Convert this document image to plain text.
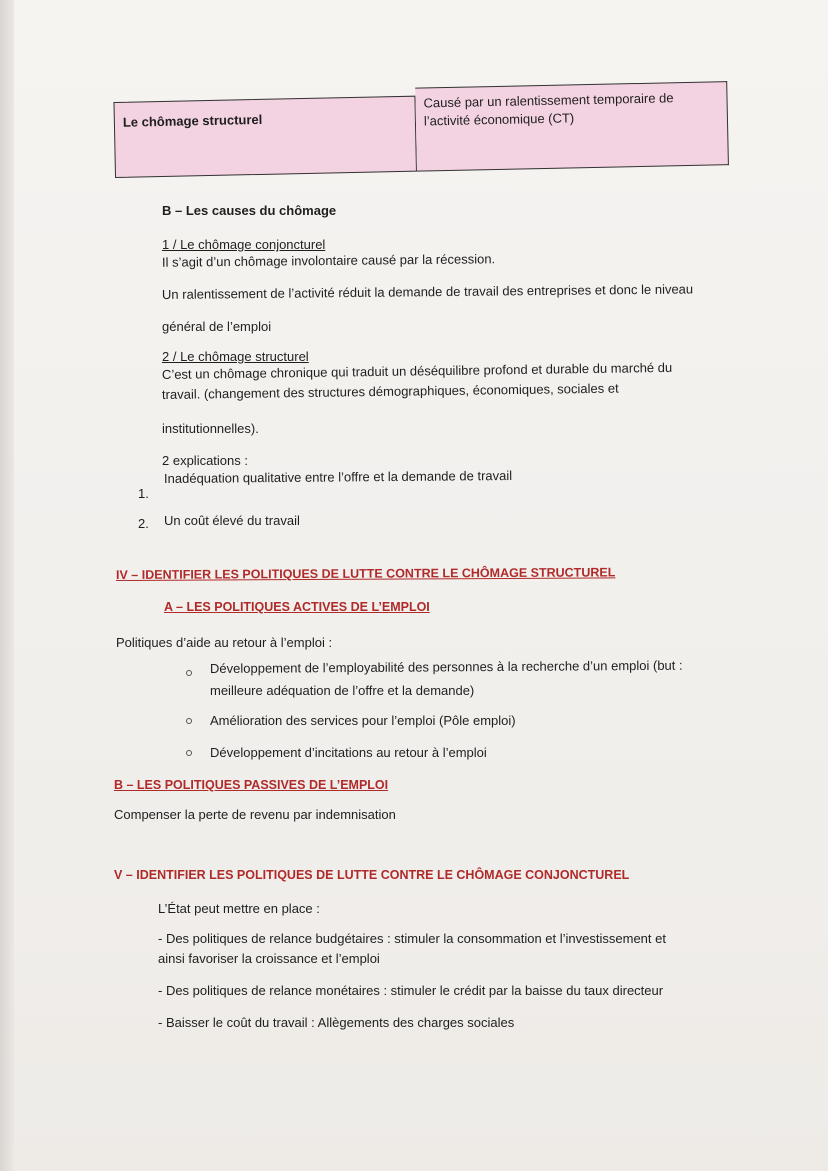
Le chômage structurel
Causé par un ralentissement temporaire de l’activité économique (CT)
B – Les causes du chômage
1 / Le chômage conjoncturel
Il s’agit d’un chômage involontaire causé par la récession.
Un ralentissement de l’activité réduit la demande de travail des entreprises et donc le niveau
général de l’emploi
2 / Le chômage structurel
C’est un chômage chronique qui traduit un déséquilibre profond et durable du marché du
travail. (changement des structures démographiques, économiques, sociales et
institutionnelles).
2 explications :
1.
Inadéquation qualitative entre l’offre et la demande de travail
2. Un coût élevé du travail
IV – IDENTIFIER LES POLITIQUES DE LUTTE CONTRE LE CHÔMAGE STRUCTUREL
A – LES POLITIQUES ACTIVES DE L’EMPLOI
Politiques d’aide au retour à l’emploi :
Développement de l’employabilité des personnes à la recherche d’un emploi (but :
meilleure adéquation de l’offre et la demande)
Amélioration des services pour l’emploi (Pôle emploi)
Développement d’incitations au retour à l’emploi
B – LES POLITIQUES PASSIVES DE L’EMPLOI
Compenser la perte de revenu par indemnisation
V – IDENTIFIER LES POLITIQUES DE LUTTE CONTRE LE CHÔMAGE CONJONCTUREL
L’État peut mettre en place :
- Des politiques de relance budgétaires : stimuler la consommation et l’investissement et
ainsi favoriser la croissance et l’emploi
- Des politiques de relance monétaires : stimuler le crédit par la baisse du taux directeur
- Baisser le coût du travail : Allègements des charges sociales
